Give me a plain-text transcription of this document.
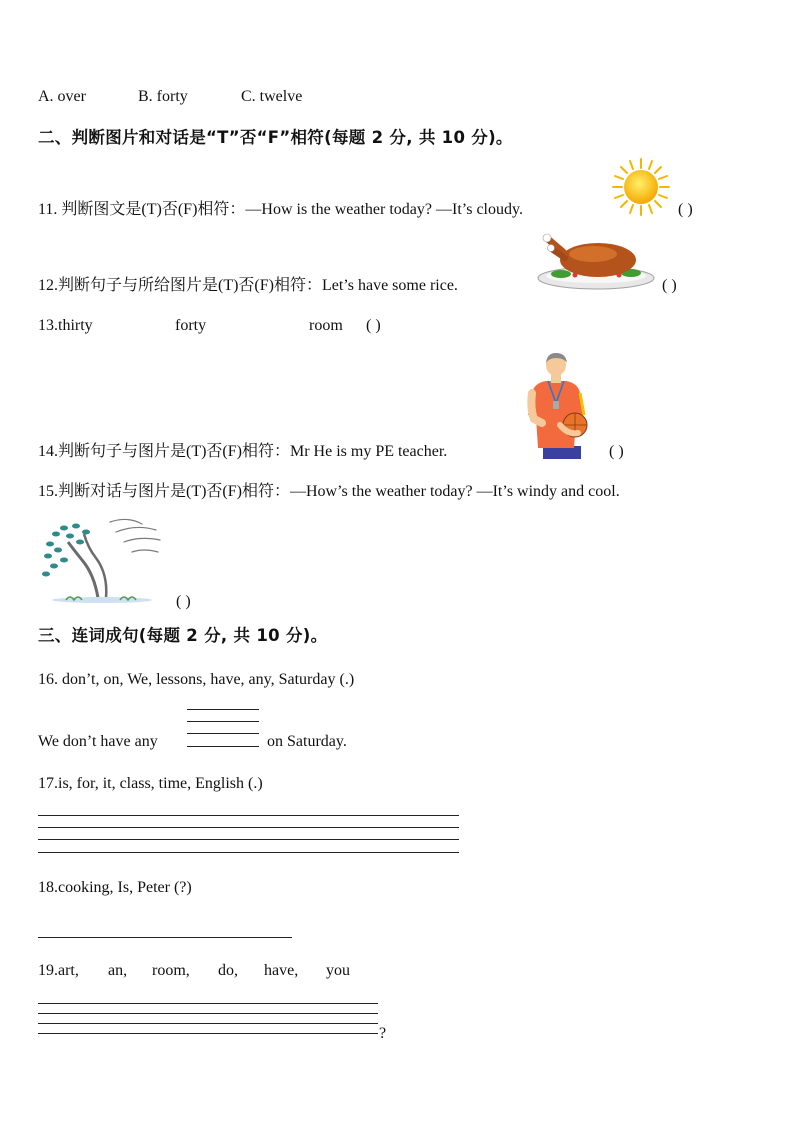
A. over	B. forty	C. twelve
二、判断图片和对话是“T”否“F”相符(每题 2 分, 共 10 分)。
11. 判断图文是(T)否(F)相符：—How is the weather today? —It’s cloudy.	( )
12.判断句子与所给图片是(T)否(F)相符：Let’s have some rice.	( )
13.thirty	forty	room ( )
14.判断句子与图片是(T)否(F)相符：Mr He is my PE teacher.	( )
15.判断对话与图片是(T)否(F)相符：—How’s the weather today? —It’s windy and cool.
( )
三、连词成句(每题 2 分, 共 10 分)。
16. don’t, on, We, lessons, have, any, Saturday (.)
We don’t have any	on Saturday.
17.is, for, it, class, time, English (.)
18.cooking, Is, Peter (?)
19.art, an, room, do, have, you
?
